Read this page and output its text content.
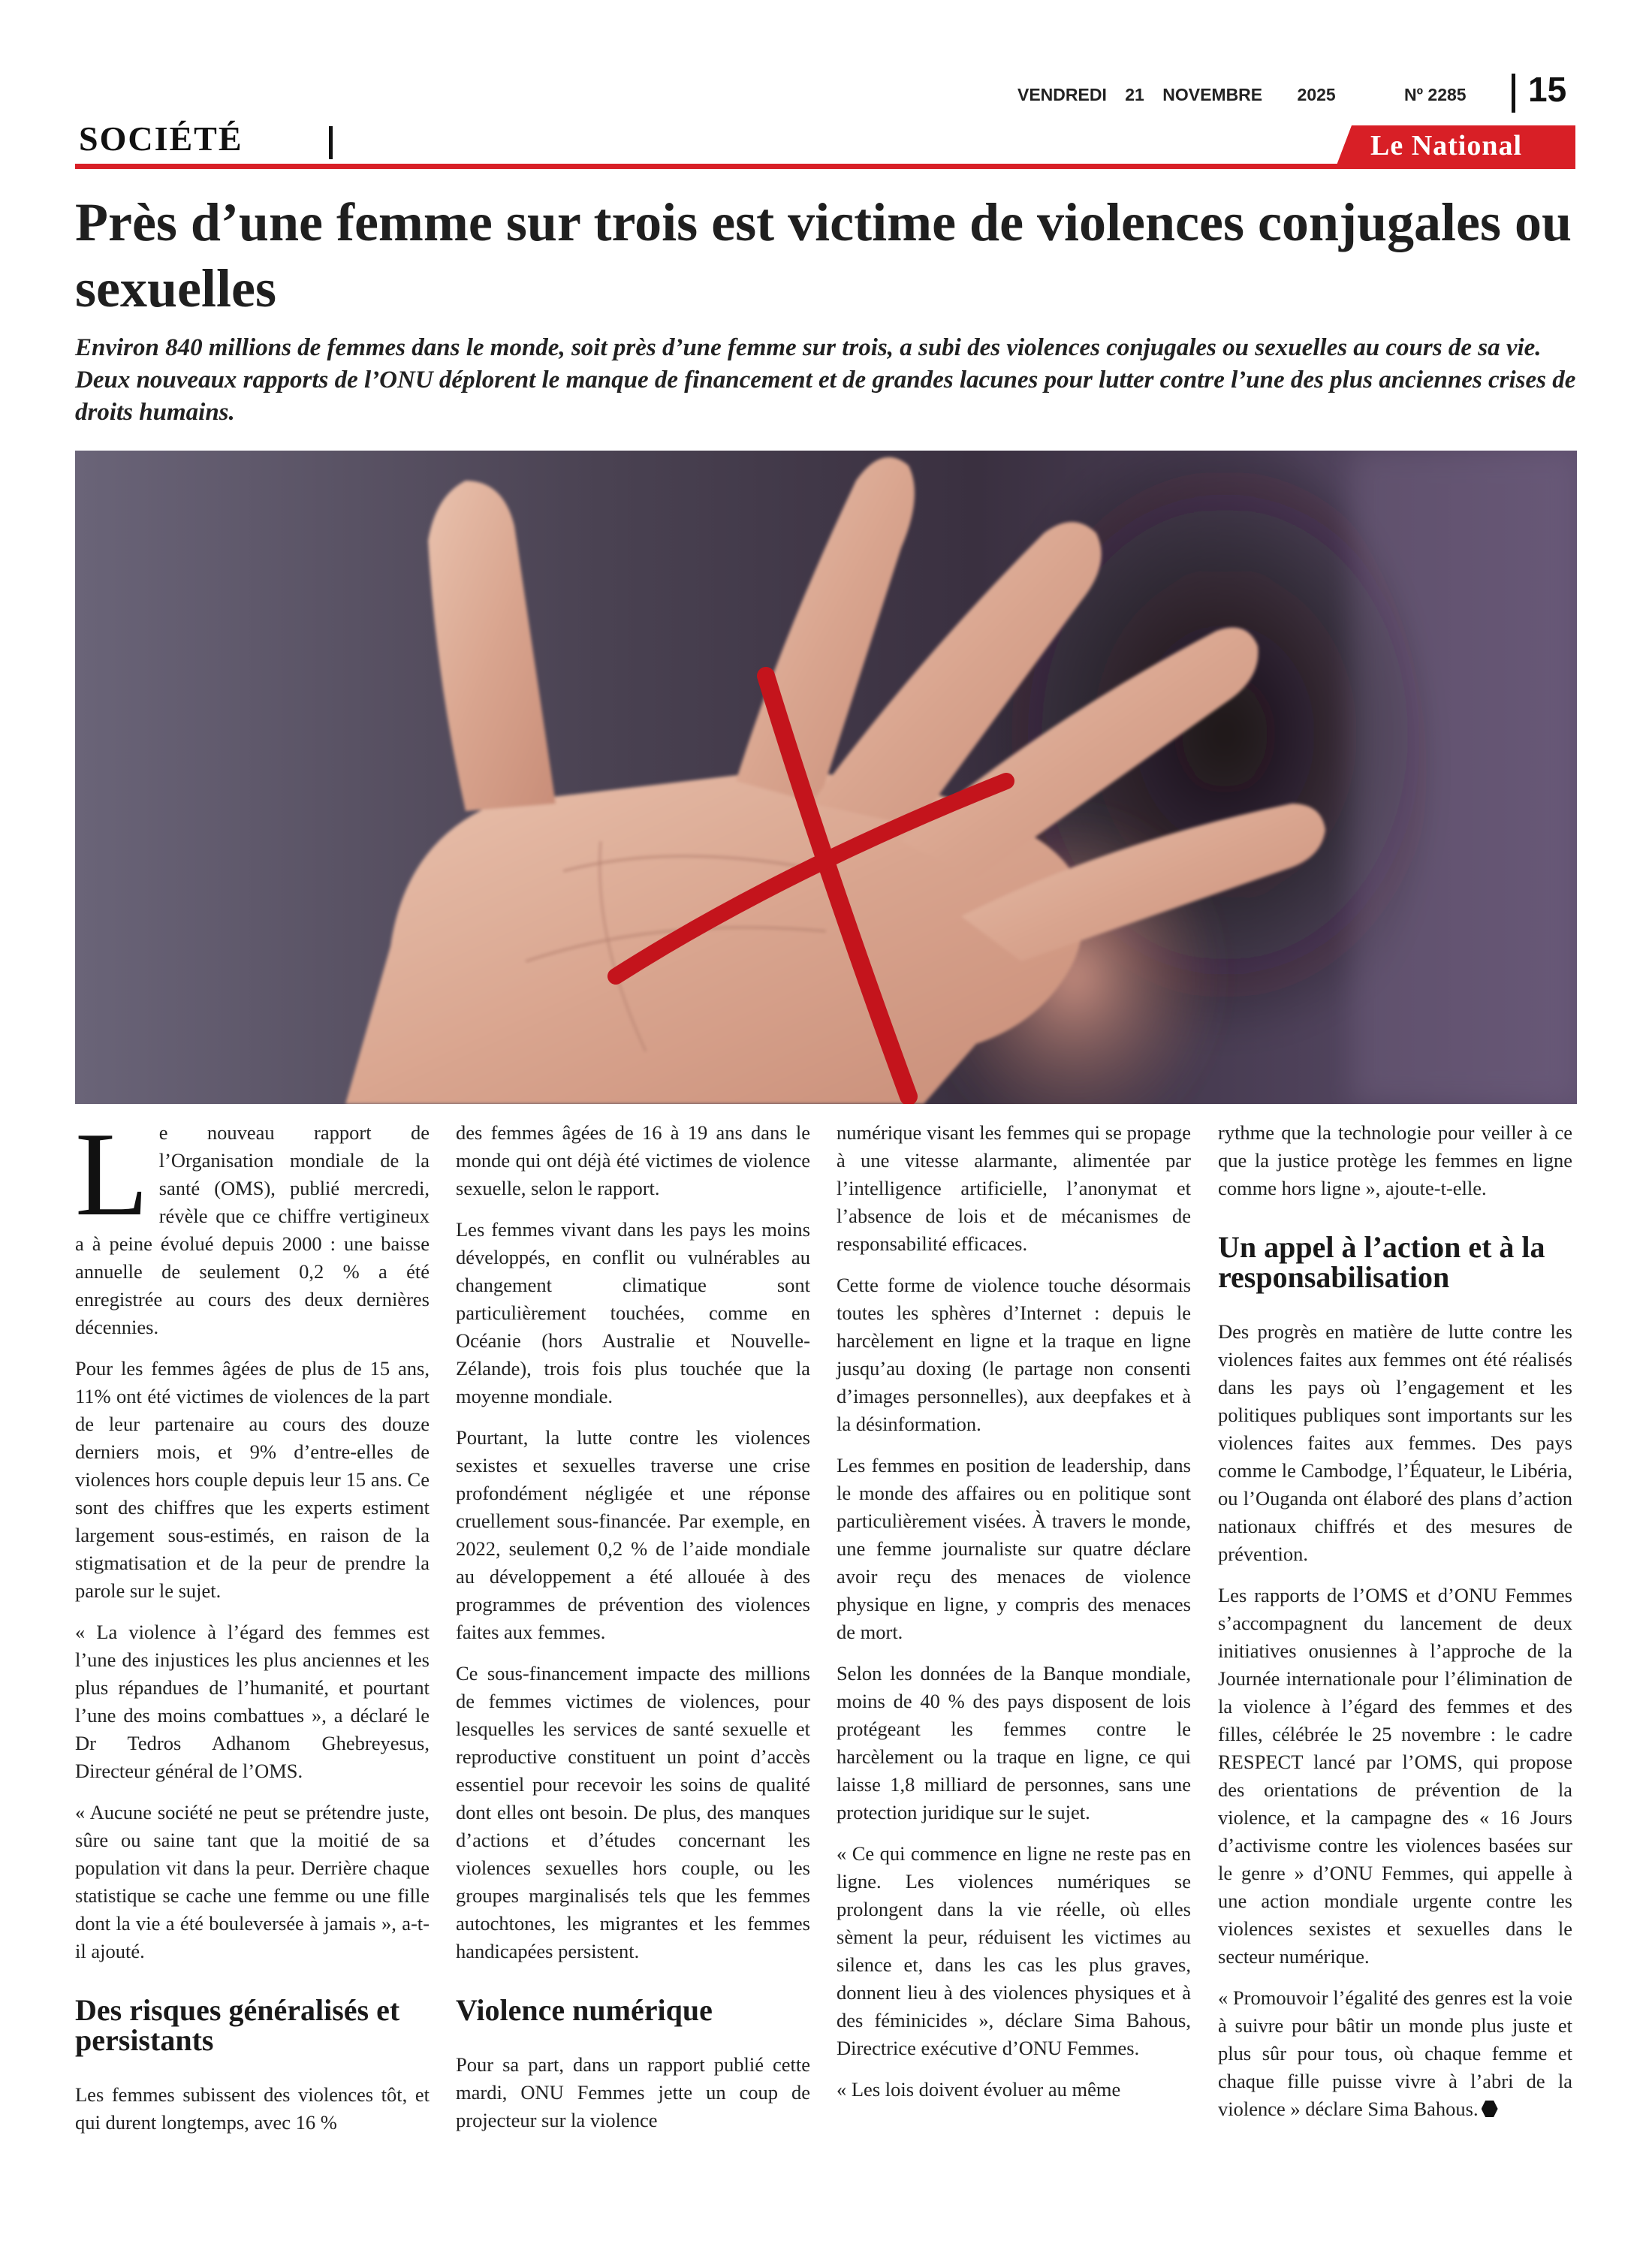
VENDREDI 21 NOVEMBRE 2025	Nº 2285 15
SOCIÉTÉ	Le National
Près d’une femme sur trois est victime de violences conjugales ou sexuelles

Environ 840 millions de femmes dans le monde, soit près d’une femme sur trois, a subi des violences conjugales ou sexuelles au cours de sa vie. Deux nouveaux rapports de l’ONU déplorent le manque de financement et de grandes lacunes pour lutter contre l’une des plus anciennes crises de droits humains.

Le nouveau rapport de l’Organisation mondiale de la santé (OMS), publié mercredi, révèle que ce chiffre vertigineux a à peine évolué depuis 2000 : une baisse annuelle de seulement 0,2 % a été enregistrée au cours des deux dernières décennies.

Pour les femmes âgées de plus de 15 ans, 11% ont été victimes de violences de la part de leur partenaire au cours des douze derniers mois, et 9% d’entre-elles de violences hors couple depuis leur 15 ans. Ce sont des chiffres que les experts estiment largement sous-estimés, en raison de la stigmatisation et de la peur de prendre la parole sur le sujet.

« La violence à l’égard des femmes est l’une des injustices les plus anciennes et les plus répandues de l’humanité, et pourtant l’une des moins combattues », a déclaré le Dr Tedros Adhanom Ghebreyesus, Directeur général de l’OMS.

« Aucune société ne peut se prétendre juste, sûre ou saine tant que la moitié de sa population vit dans la peur. Derrière chaque statistique se cache une femme ou une fille dont la vie a été bouleversée à jamais », a-t-il ajouté.

Des risques généralisés et persistants

Les femmes subissent des violences tôt, et qui durent longtemps, avec 16 %

des femmes âgées de 16 à 19 ans dans le monde qui ont déjà été victimes de violence sexuelle, selon le rapport.

Les femmes vivant dans les pays les moins développés, en conflit ou vulnérables au changement climatique sont particulièrement touchées, comme en Océanie (hors Australie et Nouvelle-Zélande), trois fois plus touchée que la moyenne mondiale.

Pourtant, la lutte contre les violences sexistes et sexuelles traverse une crise profondément négligée et une réponse cruellement sous-financée. Par exemple, en 2022, seulement 0,2 % de l’aide mondiale au développement a été allouée à des programmes de prévention des violences faites aux femmes.

Ce sous-financement impacte des millions de femmes victimes de violences, pour lesquelles les services de santé sexuelle et reproductive constituent un point d’accès essentiel pour recevoir les soins de qualité dont elles ont besoin. De plus, des manques d’actions et d’études concernant les violences sexuelles hors couple, ou les groupes marginalisés tels que les femmes autochtones, les migrantes et les femmes handicapées persistent.

Violence numérique

Pour sa part, dans un rapport publié cette mardi, ONU Femmes jette un coup de projecteur sur la violence

numérique visant les femmes qui se propage à une vitesse alarmante, alimentée par l’intelligence artificielle, l’anonymat et l’absence de lois et de mécanismes de responsabilité efficaces.

Cette forme de violence touche désormais toutes les sphères d’Internet : depuis le harcèlement en ligne et la traque en ligne jusqu’au doxing (le partage non consenti d’images personnelles), aux deepfakes et à la désinformation.

Les femmes en position de leadership, dans le monde des affaires ou en politique sont particulièrement visées. À travers le monde, une femme journaliste sur quatre déclare avoir reçu des menaces de violence physique en ligne, y compris des menaces de mort.

Selon les données de la Banque mondiale, moins de 40 % des pays disposent de lois protégeant les femmes contre le harcèlement ou la traque en ligne, ce qui laisse 1,8 milliard de personnes, sans une protection juridique sur le sujet.

« Ce qui commence en ligne ne reste pas en ligne. Les violences numériques se prolongent dans la vie réelle, où elles sèment la peur, réduisent les victimes au silence et, dans les cas les plus graves, donnent lieu à des violences physiques et à des féminicides », déclare Sima Bahous, Directrice exécutive d’ONU Femmes.

« Les lois doivent évoluer au même

rythme que la technologie pour veiller à ce que la justice protège les femmes en ligne comme hors ligne », ajoute-t-elle.

Un appel à l’action et à la responsabilisation

Des progrès en matière de lutte contre les violences faites aux femmes ont été réalisés dans les pays où l’engagement et les politiques publiques sont importants sur les violences faites aux femmes. Des pays comme le Cambodge, l’Équateur, le Libéria, ou l’Ouganda ont élaboré des plans d’action nationaux chiffrés et des mesures de prévention.

Les rapports de l’OMS et d’ONU Femmes s’accompagnent du lancement de deux initiatives onusiennes à l’approche de la Journée internationale pour l’élimination de la violence à l’égard des femmes et des filles, célébrée le 25 novembre : le cadre RESPECT lancé par l’OMS, qui propose des orientations de prévention de la violence, et la campagne des « 16 Jours d’activisme contre les violences basées sur le genre » d’ONU Femmes, qui appelle à une action mondiale urgente contre les violences sexistes et sexuelles dans le secteur numérique.

« Promouvoir l’égalité des genres est la voie à suivre pour bâtir un monde plus juste et plus sûr pour tous, où chaque femme et chaque fille puisse vivre à l’abri de la violence » déclare Sima Bahous.
